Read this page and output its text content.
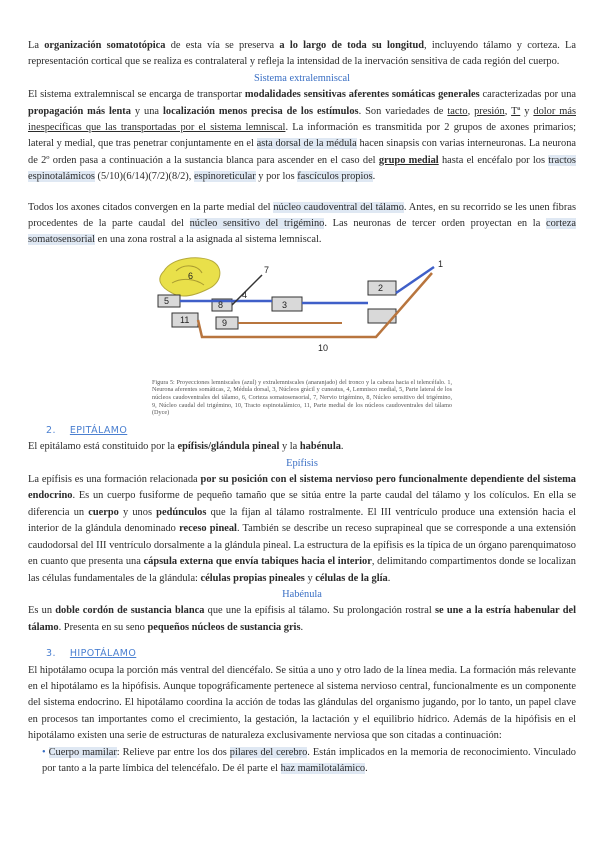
La organización somatotópica de esta vía se preserva a lo largo de toda su longitud, incluyendo tálamo y corteza. La representación cortical que se realiza es contralateral y refleja la intensidad de la inervación sensitiva de cada región del cuerpo.

Sistema extralemniscal

El sistema extralemniscal se encarga de transportar modalidades sensitivas aferentes somáticas generales caracterizadas por una propagación más lenta y una localización menos precisa de los estímulos. Son variedades de tacto, presión, Tª y dolor más inespecíficas que las transportadas por el sistema lemniscal. La información es transmitida por 2 grupos de axones primarios; lateral y medial, que tras penetrar conjuntamente en el asta dorsal de la médula hacen sinapsis con varias interneuronas. La neurona de 2º orden pasa a continuación a la sustancia blanca para ascender en el caso del grupo medial hasta el encéfalo por los tractos espinotalámicos (5/10)(6/14)(7/2)(8/2), espinoreticular y por los fascículos propios.

Todos los axones citados convergen en la parte medial del núcleo caudoventral del tálamo. Antes, en su recorrido se les unen fibras procedentes de la parte caudal del núcleo sensitivo del trigémino. Las neuronas de tercer orden proyectan en la corteza somatosensorial en una zona rostral a la asignada al sistema lemniscal.

1
2
3
4
5
6
7
8
9
10
11

Figura 5: Proyecciones lemniscales (azul) y extralemniscales (anaranjado) del tronco y la cabeza hacia el telencéfalo. 1, Neurona aferentes somáticas, 2, Médula dorsal, 3, Núcleos grácil y cuneatus, 4, Lemnisco medial, 5, Parte lateral de los núcleos caudoventrales del tálamo, 6, Corteza somatosensorial, 7, Nervio trigémino, 8, Núcleo sensitivo del trigémino, 9, Núcleo caudal del trigémino, 10, Tracto espinotalámico, 11, Parte medial de los núcleos caudoventrales del tálamo (Dyce)

2. EPITÁLAMO

El epitálamo está constituido por la epífisis/glándula pineal y la habénula.

Epífisis

La epífisis es una formación relacionada por su posición con el sistema nervioso pero funcionalmente dependiente del sistema endocrino. Es un cuerpo fusiforme de pequeño tamaño que se sitúa entre la parte caudal del tálamo y los colículos. En ella se diferencia un cuerpo y unos pedúnculos que la fijan al tálamo rostralmente. El III ventrículo produce una extensión hacia el interior de la glándula denominado receso pineal. También se describe un receso suprapineal que se corresponde a una extensión caudodorsal del III ventrículo dorsalmente a la glándula pineal. La estructura de la epífisis es la típica de un órgano parenquimatoso en cuanto que presenta una cápsula externa que envía tabiques hacia el interior, delimitando compartimentos donde se localizan las células fundamentales de la glándula: células propias pineales y células de la glía.

Habénula

Es un doble cordón de sustancia blanca que une la epífisis al tálamo. Su prolongación rostral se une a la estría habenular del tálamo. Presenta en su seno pequeños núcleos de sustancia gris.

3. HIPOTÁLAMO

El hipotálamo ocupa la porción más ventral del diencéfalo. Se sitúa a uno y otro lado de la línea media. La formación más relevante en el hipotálamo es la hipófisis. Aunque topográficamente pertenece al sistema nervioso central, funcionalmente es un componente del sistema endocrino. El hipotálamo coordina la acción de todas las glándulas del organismo jugando, por lo tanto, un papel clave en procesos tan importantes como el crecimiento, la gestación, la lactación y el equilibrio hídrico. Además de la hipófisis en el hipotálamo existen una serie de estructuras de naturaleza exclusivamente nerviosa que son citadas a continuación:

• Cuerpo mamilar: Relieve par entre los dos pilares del cerebro. Están implicados en la memoria de reconocimiento. Vinculado por tanto a la parte límbica del telencéfalo. De él parte el haz mamilotalámico.
